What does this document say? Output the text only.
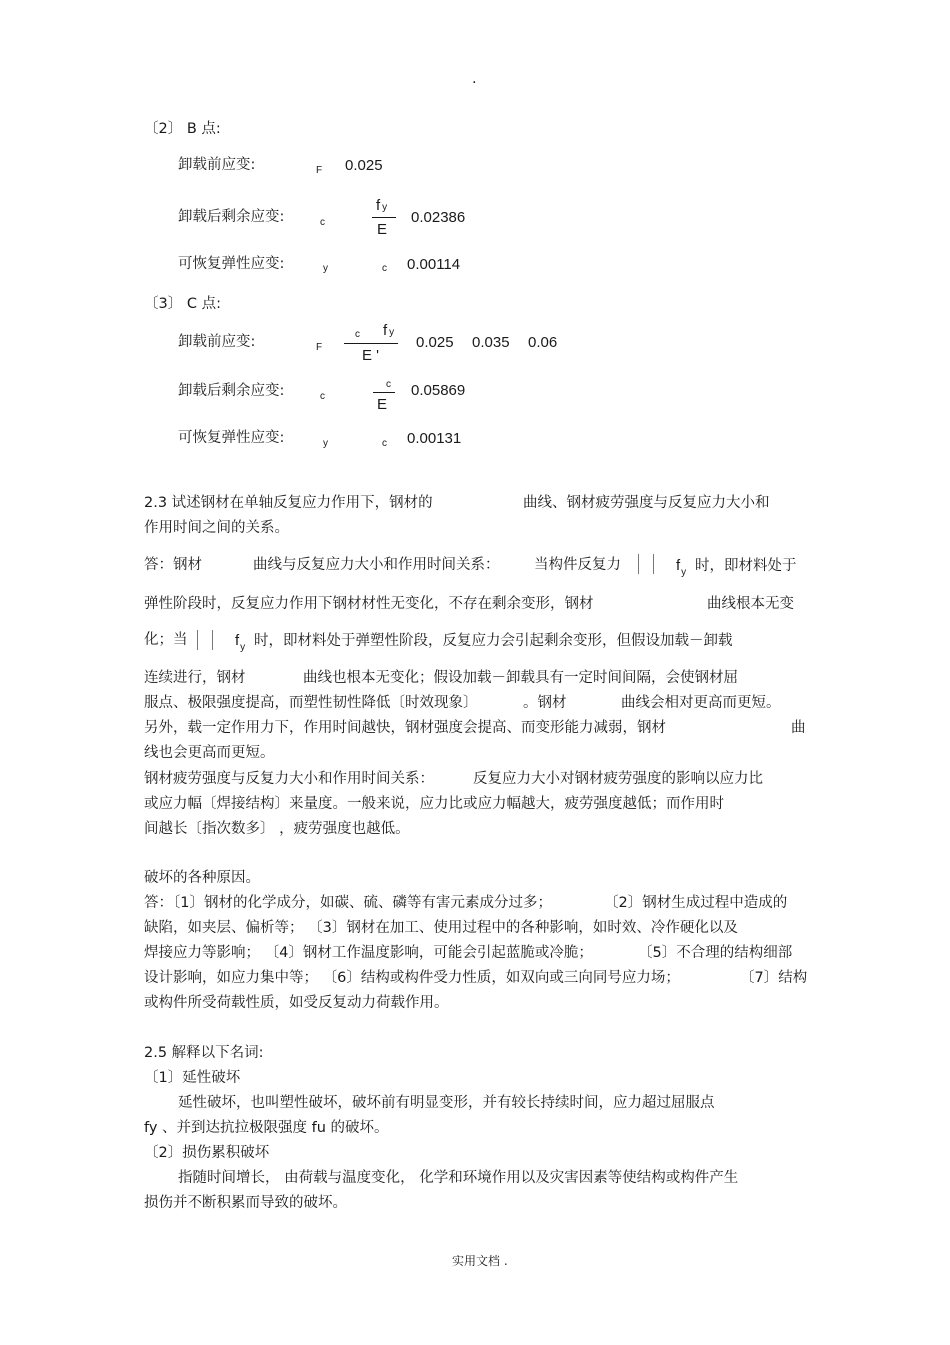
.
〔2〕 B 点:
卸载前应变:	F 0.025
卸载后剩余应变:	c
fy
E
0.02386
可恢复弹性应变:	y	c 0.00114
〔3〕 C 点:
卸载前应变:	F
c fy
E '
0.025 0.035 0.06
卸载后剩余应变:	c
c
E
0.05869
可恢复弹性应变:	y	c 0.00131
2.3 试述钢材在单轴反复应力作用下，钢材的	曲线、钢材疲劳强度与反复应力大小和
作用时间之间的关系。
答：钢材	曲线与反复应力大小和作用时间关系： 当构件反复力	$f_y$ 时，即材料处于
弹性阶段时，反复应力作用下钢材材性无变化，不存在剩余变形，钢材	曲线根本无变
化；当	$f_y$ 时，即材料处于弹塑性阶段，反复应力会引起剩余变形，但假设加载－卸载
连续进行，钢材	曲线也根本无变化；假设加载－卸载具有一定时间间隔，会使钢材屈
服点、极限强度提高，而塑性韧性降低〔时效现象〕	。钢材	曲线会相对更高而更短。
另外，载一定作用力下，作用时间越快，钢材强度会提高、而变形能力减弱，钢材	曲
线也会更高而更短。
钢材疲劳强度与反复力大小和作用时间关系：	反复应力大小对钢材疲劳强度的影响以应力比
或应力幅〔焊接结构〕来量度。一般来说，应力比或应力幅越大，疲劳强度越低；而作用时
间越长〔指次数多〕 ，疲劳强度也越低。
破坏的各种原因。
答：〔1〕钢材的化学成分，如碳、硫、磷等有害元素成分过多；	〔2〕钢材生成过程中造成的
缺陷，如夹层、偏析等； 〔3〕钢材在加工、使用过程中的各种影响，如时效、冷作硬化以及
焊接应力等影响； 〔4〕钢材工作温度影响，可能会引起蓝脆或冷脆；	〔5〕不合理的结构细部
设计影响，如应力集中等； 〔6〕结构或构件受力性质，如双向或三向同号应力场；	〔7〕结构
或构件所受荷载性质，如受反复动力荷载作用。
2.5 解释以下名词:
〔1〕延性破坏
延性破坏，也叫塑性破坏，破坏前有明显变形，并有较长持续时间，应力超过屈服点
fy 、并到达抗拉极限强度 fu 的破坏。
〔2〕损伤累积破坏
指随时间增长， 由荷载与温度变化， 化学和环境作用以及灾害因素等使结构或构件产生
损伤并不断积累而导致的破坏。
实用文档 .
